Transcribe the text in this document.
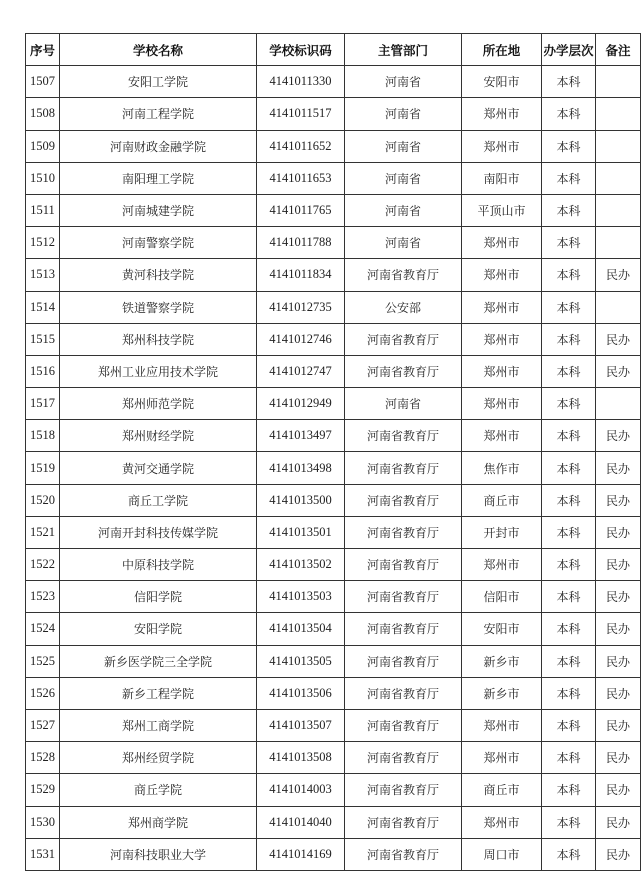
序号	学校名称	学校标识码	主管部门	所在地	办学层次	备注
1507	安阳工学院	4141011330	河南省	安阳市	本科	
1508	河南工程学院	4141011517	河南省	郑州市	本科	
1509	河南财政金融学院	4141011652	河南省	郑州市	本科	
1510	南阳理工学院	4141011653	河南省	南阳市	本科	
1511	河南城建学院	4141011765	河南省	平顶山市	本科	
1512	河南警察学院	4141011788	河南省	郑州市	本科	
1513	黄河科技学院	4141011834	河南省教育厅	郑州市	本科	民办
1514	铁道警察学院	4141012735	公安部	郑州市	本科	
1515	郑州科技学院	4141012746	河南省教育厅	郑州市	本科	民办
1516	郑州工业应用技术学院	4141012747	河南省教育厅	郑州市	本科	民办
1517	郑州师范学院	4141012949	河南省	郑州市	本科	
1518	郑州财经学院	4141013497	河南省教育厅	郑州市	本科	民办
1519	黄河交通学院	4141013498	河南省教育厅	焦作市	本科	民办
1520	商丘工学院	4141013500	河南省教育厅	商丘市	本科	民办
1521	河南开封科技传媒学院	4141013501	河南省教育厅	开封市	本科	民办
1522	中原科技学院	4141013502	河南省教育厅	郑州市	本科	民办
1523	信阳学院	4141013503	河南省教育厅	信阳市	本科	民办
1524	安阳学院	4141013504	河南省教育厅	安阳市	本科	民办
1525	新乡医学院三全学院	4141013505	河南省教育厅	新乡市	本科	民办
1526	新乡工程学院	4141013506	河南省教育厅	新乡市	本科	民办
1527	郑州工商学院	4141013507	河南省教育厅	郑州市	本科	民办
1528	郑州经贸学院	4141013508	河南省教育厅	郑州市	本科	民办
1529	商丘学院	4141014003	河南省教育厅	商丘市	本科	民办
1530	郑州商学院	4141014040	河南省教育厅	郑州市	本科	民办
1531	河南科技职业大学	4141014169	河南省教育厅	周口市	本科	民办
